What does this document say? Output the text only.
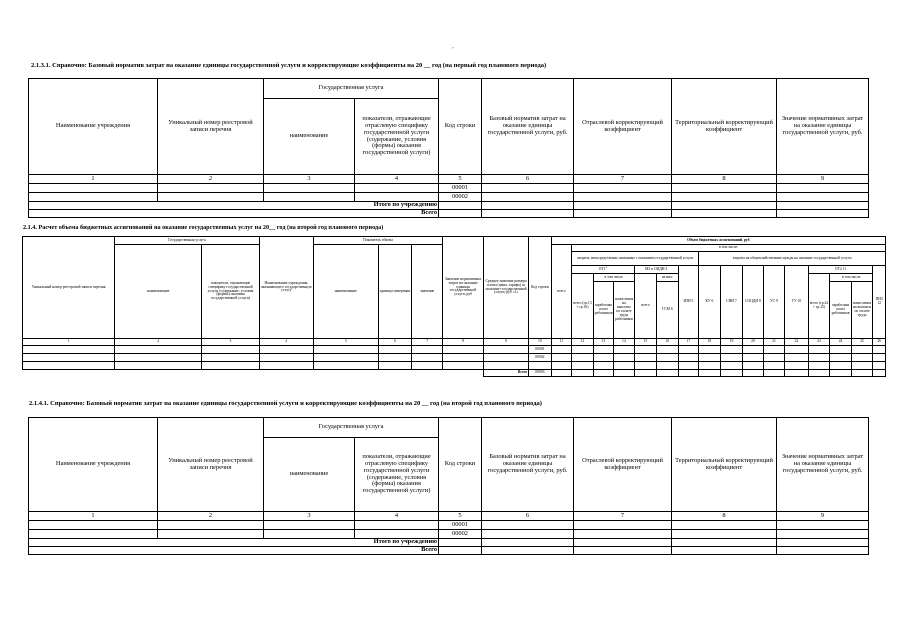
°
2.1.3.1. Справочно: Базовый норматив затрат на оказание единицы государственной услуги и корректирующие коэффициенты на 20 __ год (на первый год планового периода)
Наименование учреждения	Уникальный номер реестровой записи перечня	Государственная услуга		Код строки	Базовый норматив затрат на оказание единицы государственной услуги, руб.	Отраслевой корректирующий коэффициент	Территориальный корректирующий коэффициент	Значение нормативных затрат на оказание единицы государственной услуги, руб.
		наименование	показатели, отражающие отраслевую специфику государственной услуги (содержание, условия (формы) оказания государственной услуги)					
1	2	3	4	5	6	7	8	9
				00001				
				00002				
Итого по учреждению								
Всего								
2.1.4. Расчет объема бюджетных ассигнований на оказание государственных услуг на 20__ год (на второй год планового периода)
Уникальный номер реестровой записи перечня	Государственная услуга		Наименование учреждения, оказывающего государственную услугу	Показатель объема			Значение нормативных затрат на оказание единицы государственной услуги, руб	Среднее значение размера платы (цены, тарифа) за оказание государственной услуги, руб «1»	Код строки	Объем бюджетных ассигнований, руб															
	наименование	показатели, отражающие специфику государственной услуги (содержание, условия (формы) оказания государственной услуги)		наименование	единица измерения	значение				всего	в том числе:														
											затраты, непосредственно связанные с оказанием государственной услуги						затраты на общехозяйственные нужды на оказание государственной услуги								
											$ОТ1^1$			МЗ и ОЦДИ 3		ИЗН 5	КУ 6	СНИ 7	СОЦДИ 8	УС 9	ТУ 10	ОТ2 11			ПНЗ 12
											всего (гр.13 + гр.16)	в том числе		всего	из них:							всего (гр.24 + гр.25)	в том числе		
												заработная плата работников	начисления на выплаты по оплате труда работников		ГСМ 6								заработная плата работников	начисления на выплаты по оплате труда	
1	2	3	4	5	6	7	8	9	10	11	12	13	14	15	16	17	18	19	20	21	22	23	24	25	26
									00001																
									00002																

								Всего	00003																
2.1.4.1. Справочно: Базовый норматив затрат на оказание единицы государственной услуги и корректирующие коэффициенты на 20 __ год (на второй год планового периода)
Наименование учреждения	Уникальный номер реестровой записи перечня	Государственная услуга		Код строки	Базовый норматив затрат на оказание единицы государственной услуги, руб.	Отраслевой корректирующий коэффициент	Территориальный корректирующий коэффициент	Значение нормативных затрат на оказание единицы государственной услуги, руб.
		наименование	показатели, отражающие отраслевую специфику государственной услуги (содержание, условия (формы) оказания государственной услуги)					
1	2	3	4	5	6	7	8	9
				00001				
				00002				
Итого по учреждению								
Всего								
